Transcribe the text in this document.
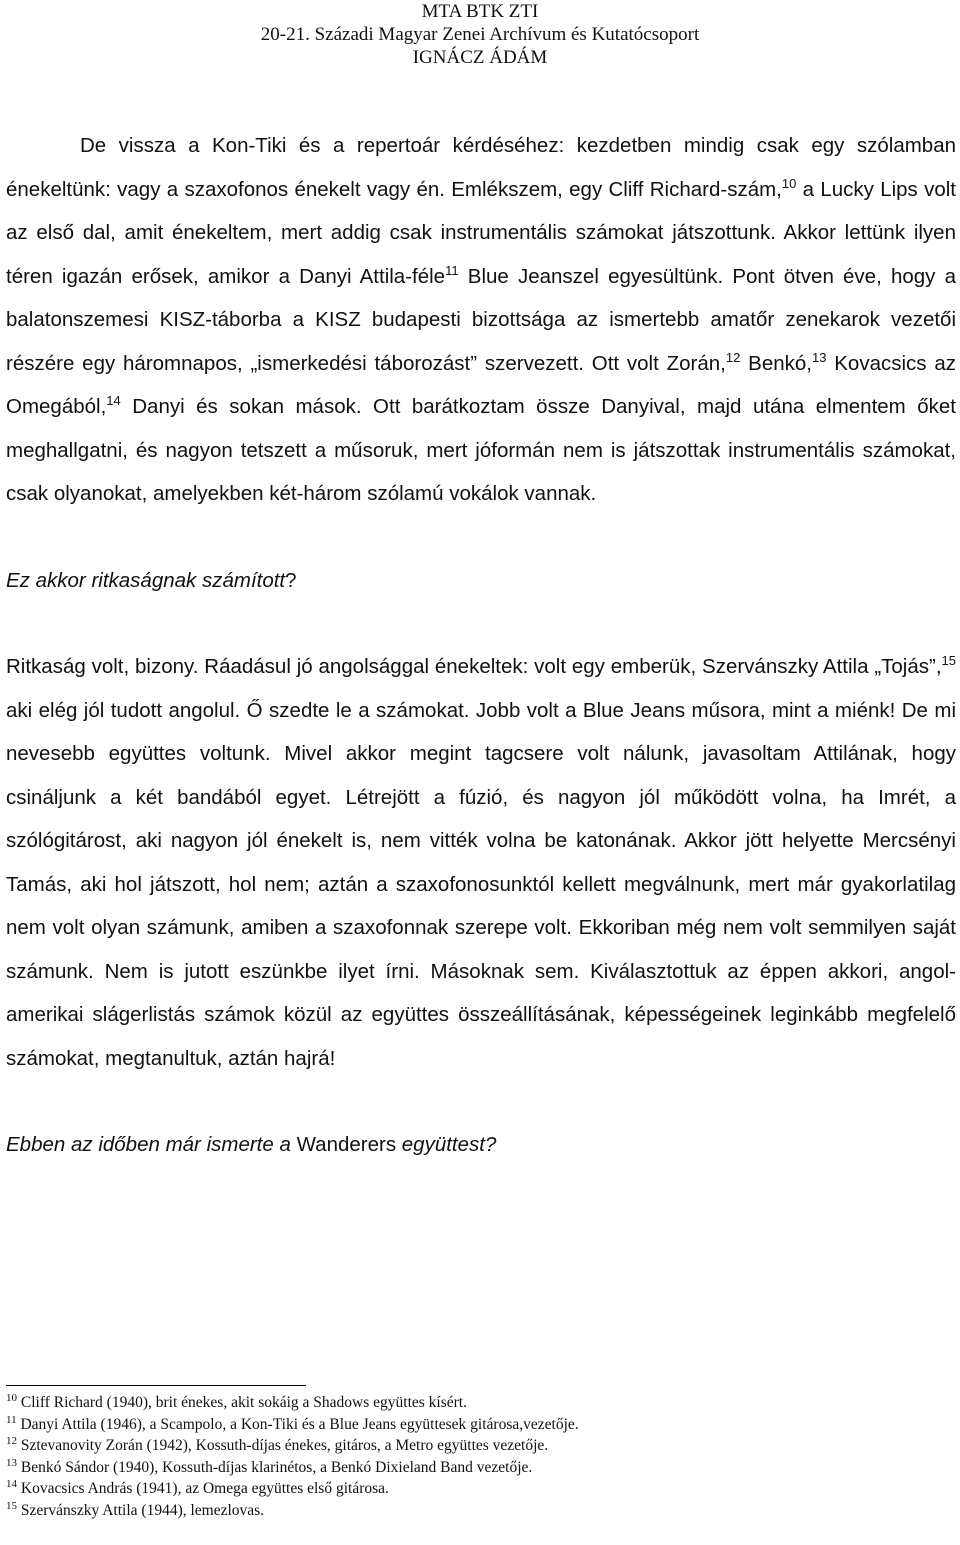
MTA BTK ZTI
20-21. Századi Magyar Zenei Archívum és Kutatócsoport
IGNÁCZ ÁDÁM

De vissza a Kon-Tiki és a repertoár kérdéséhez: kezdetben mindig csak egy szólamban énekeltünk: vagy a szaxofonos énekelt vagy én. Emlékszem, egy Cliff Richard-szám,$^{10}$ a Lucky Lips volt az első dal, amit énekeltem, mert addig csak instrumentális számokat játszottunk. Akkor lettünk ilyen téren igazán erősek, amikor a Danyi Attila-féle$^{11}$ Blue Jeanszel egyesültünk. Pont ötven éve, hogy a balatonszemesi KISZ-táborba a KISZ budapesti bizottsága az ismertebb amatőr zenekarok vezetői részére egy háromnapos, „ismerkedési táborozást” szervezett. Ott volt Zorán,$^{12}$ Benkó,$^{13}$ Kovacsics az Omegából,$^{14}$ Danyi és sokan mások. Ott barátkoztam össze Danyival, majd utána elmentem őket meghallgatni, és nagyon tetszett a műsoruk, mert jóformán nem is játszottak instrumentális számokat, csak olyanokat, amelyekben két-három szólamú vokálok vannak.

Ez akkor ritkaságnak számított?

Ritkaság volt, bizony. Ráadásul jó angolsággal énekeltek: volt egy emberük, Szervánszky Attila „Tojás”,$^{15}$ aki elég jól tudott angolul. Ő szedte le a számokat. Jobb volt a Blue Jeans műsora, mint a miénk! De mi nevesebb együttes voltunk. Mivel akkor megint tagcsere volt nálunk, javasoltam Attilának, hogy csináljunk a két bandából egyet. Létrejött a fúzió, és nagyon jól működött volna, ha Imrét, a szólógitárost, aki nagyon jól énekelt is, nem vitték volna be katonának. Akkor jött helyette Mercsényi Tamás, aki hol játszott, hol nem; aztán a szaxofonosunktól kellett megválnunk, mert már gyakorlatilag nem volt olyan számunk, amiben a szaxofonnak szerepe volt. Ekkoriban még nem volt semmilyen saját számunk. Nem is jutott eszünkbe ilyet írni. Másoknak sem. Kiválasztottuk az éppen akkori, angol-amerikai slágerlistás számok közül az együttes összeállításának, képességeinek leginkább megfelelő számokat, megtanultuk, aztán hajrá!

Ebben az időben már ismerte a Wanderers együttest?

$^{10}$ Cliff Richard (1940), brit énekes, akit sokáig a Shadows együttes kísért.
$^{11}$ Danyi Attila (1946), a Scampolo, a Kon-Tiki és a Blue Jeans együttesek gitárosa,vezetője.
$^{12}$ Sztevanovity Zorán (1942), Kossuth-díjas énekes, gitáros, a Metro együttes vezetője.
$^{13}$ Benkó Sándor (1940), Kossuth-díjas klarinétos, a Benkó Dixieland Band vezetője.
$^{14}$ Kovacsics András (1941), az Omega együttes első gitárosa.
$^{15}$ Szervánszky Attila (1944), lemezlovas.
